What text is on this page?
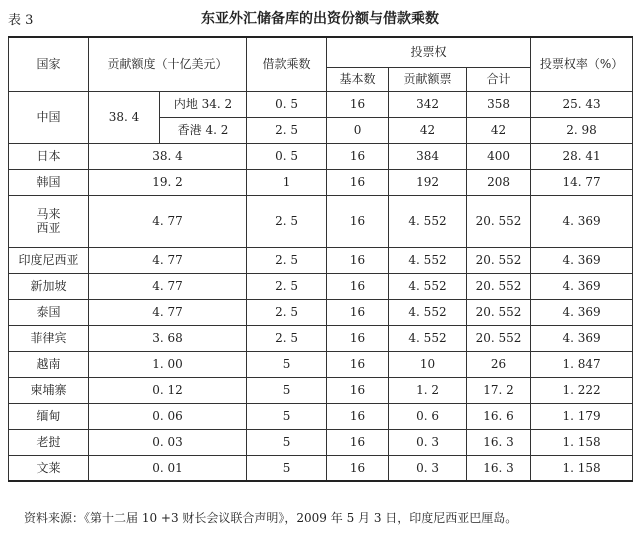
表 3	东亚外汇储备库的出资份额与借款乘数
国家	贡献额度（十亿美元）		借款乘数	投票权			投票权率（%）
				基本数	贡献额票	合计	
中国	38. 4	内地 34. 2	0. 5	16	342	358	25. 43
		香港 4. 2	2. 5	0	42	42	2. 98
日本	38. 4		0. 5	16	384	400	28. 41
韩国	19. 2		1	16	192	208	14. 77

马来
西亚	4. 77		2. 5	16	4. 552	20. 552	4. 369
印度尼西亚	4. 77		2. 5	16	4. 552	20. 552	4. 369
新加坡	4. 77		2. 5	16	4. 552	20. 552	4. 369
泰国	4. 77		2. 5	16	4. 552	20. 552	4. 369
菲律宾	3. 68		2. 5	16	4. 552	20. 552	4. 369
越南	1. 00		5	16	10	26	1. 847
柬埔寨	0. 12		5	16	1. 2	17. 2	1. 222
缅甸	0. 06		5	16	0. 6	16. 6	1. 179
老挝	0. 03		5	16	0. 3	16. 3	1. 158
文莱	0. 01		5	16	0. 3	16. 3	1. 158
资料来源：《第十二届 10 +3 财长会议联合声明》，2009 年 5 月 3 日，印度尼西亚巴厘岛。
